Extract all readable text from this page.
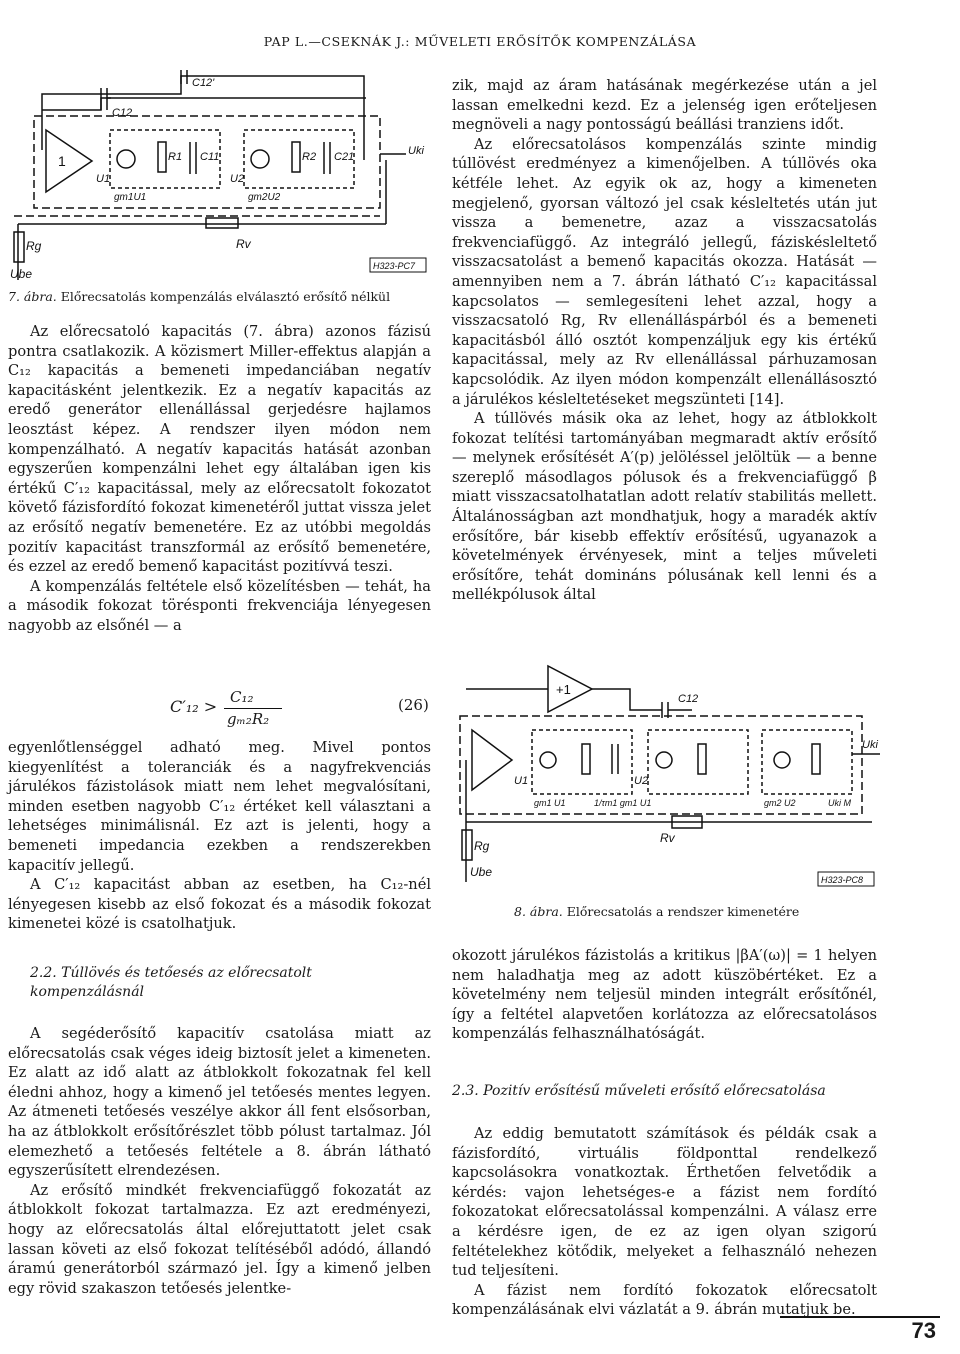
PAP L.—CSEKNÁK J.: MŰVELETI ERŐSÍTŐK KOMPENZÁLÁSA
1
Rv
Rg
Ube
U1	U2
Uki
R1	R2
C11	C21
C12
C12'
gm1U1	gm2U2
H323-PC7
7. ábra. Előrecsatolás kompenzálás elválasztó erősítő nélkül

Az előrecsatoló kapacitás (7. ábra) azonos fázisú pontra csatlakozik. A közismert Miller-effektus alapján a C₁₂ kapacitás a bemeneti impedanciában negatív kapacitásként jelentkezik. Ez a negatív kapacitás az eredő generátor ellenállással gerjedésre hajlamos leosztást képez. A rendszer ilyen módon nem kompenzálható. A negatív kapacitás hatását azonban egyszerűen kompenzálni lehet egy általában igen kis értékű C′₁₂ kapacitással, mely az előrecsatolt fokozatot követő fázisfordító fokozat kimenetéről juttat vissza jelet az erősítő negatív bemenetére. Ez az utóbbi megoldás pozitív kapacitást transzformál az erősítő bemenetére, és ezzel az eredő bemenő kapacitást pozitívvá teszi.

A kompenzálás feltétele első közelítésben — tehát, ha a második fokozat törésponti frekvenciája lényegesen nagyobb az elsőnél — a

C′₁₂ > C₁₂
gₘ₂R₂
(26)

egyenlőtlenséggel adható meg. Mivel pontos kiegyenlítést a toleranciák és a nagyfrekvenciás járulékos fázistolások miatt nem lehet megvalósítani, minden esetben nagyobb C′₁₂ értéket kell választani a lehetséges minimálisnál. Ez azt is jelenti, hogy a bemeneti impedancia ezekben a rendszerekben kapacitív jellegű.

A C′₁₂ kapacitást abban az esetben, ha C₁₂-nél lényegesen kisebb az első fokozat és a második fokozat kimenetei közé is csatolhatjuk.

2.2. Túllövés és tetőesés az előrecsatolt kompenzálásnál

A segéderősítő kapacitív csatolása miatt az előrecsatolás csak véges ideig biztosít jelet a kimeneten. Ez alatt az idő alatt az átblokkolt fokozatnak fel kell éledni ahhoz, hogy a kimenő jel tetőesés mentes legyen. Az átmeneti tetőesés veszélye akkor áll fent elsősorban, ha az átblokkolt erősítőrészlet több pólust tartalmaz. Jól elemezhető a tetőesés feltétele a 8. ábrán látható egyszerűsített elrendezésen.

Az erősítő mindkét frekvenciafüggő fokozatát az átblokkolt fokozat tartalmazza. Ez azt eredményezi, hogy az előrecsatolás által előrejuttatott jelet csak lassan követi az első fokozat telítéséből adódó, állandó áramú generátorból származó jel. Így a kimenő jelben egy rövid szakaszon tetőesés jelentke-

zik, majd az áram hatásának megérkezése után a jel lassan emelkedni kezd. Ez a jelenség igen erőteljesen megnöveli a nagy pontosságú beállási tranziens időt.

Az előrecsatolásos kompenzálás szinte mindig túllövést eredményez a kimenőjelben. A túllövés oka kétféle lehet. Az egyik ok az, hogy a kimeneten megjelenő, gyorsan változó jel csak késleltetés után jut vissza a bemenetre, azaz a visszacsatolás frekvenciafüggő. Az integráló jellegű, fáziskésleltető visszacsatolást a bemenő kapacitás okozza. Hatását — amennyiben nem a 7. ábrán látható C′₁₂ kapacitással kapcsolatos — semlegesíteni lehet azzal, hogy a visszacsatoló Rg, Rv ellenálláspárból és a bemeneti kapacitásból álló osztót kompenzáljuk egy kis értékű kapacitással, mely az Rv ellenállással párhuzamosan kapcsolódik. Az ilyen módon kompenzált ellenállásosztó a járulékos késleltetéseket megszünteti [14].

A túllövés másik oka az lehet, hogy az átblokkolt fokozat telítési tartományában megmaradt aktív erősítő — melynek erősítését A′(p) jelöléssel jelöltük — a benne szereplő másodlagos pólusok és a frekvenciafüggő β miatt visszacsatolhatatlan adott relatív stabilitás mellett. Általánosságban azt mondhatjuk, hogy a maradék aktív erősítőre, bár kisebb effektív erősítésű, ugyanazok a követelmények érvényesek, mint a teljes műveleti erősítőre, tehát domináns pólusának kell lenni és a mellékpólusok által

+1
C12
U1	U2
Uki
gm1 U1	1/τm1 gm1 U1	gm2 U2	Uki M
Rv
Rg
Ube
H323-PC8
8. ábra. Előrecsatolás a rendszer kimenetére

okozott járulékos fázistolás a kritikus |βA′(ω)| = 1 helyen nem haladhatja meg az adott küszöbértéket. Ez a követelmény nem teljesül minden integrált erősítőnél, így a feltétel alapvetően korlátozza az előrecsatolásos kompenzálás felhasználhatóságát.

2.3. Pozitív erősítésű műveleti erősítő előrecsatolása

Az eddig bemutatott számítások és példák csak a fázisfordító, virtuális földponttal rendelkező kapcsolásokra vonatkoztak. Érthetően felvetődik a kérdés: vajon lehetséges-e a fázist nem fordító fokozatokat előrecsatolással kompenzálni. A válasz erre a kérdésre igen, de ez az igen olyan szigorú feltételekhez kötődik, melyeket a felhasználó nehezen tud teljesíteni.

A fázist nem fordító fokozatok előrecsatolt kompenzálásának elvi vázlatát a 9. ábrán mutatjuk be.

73
